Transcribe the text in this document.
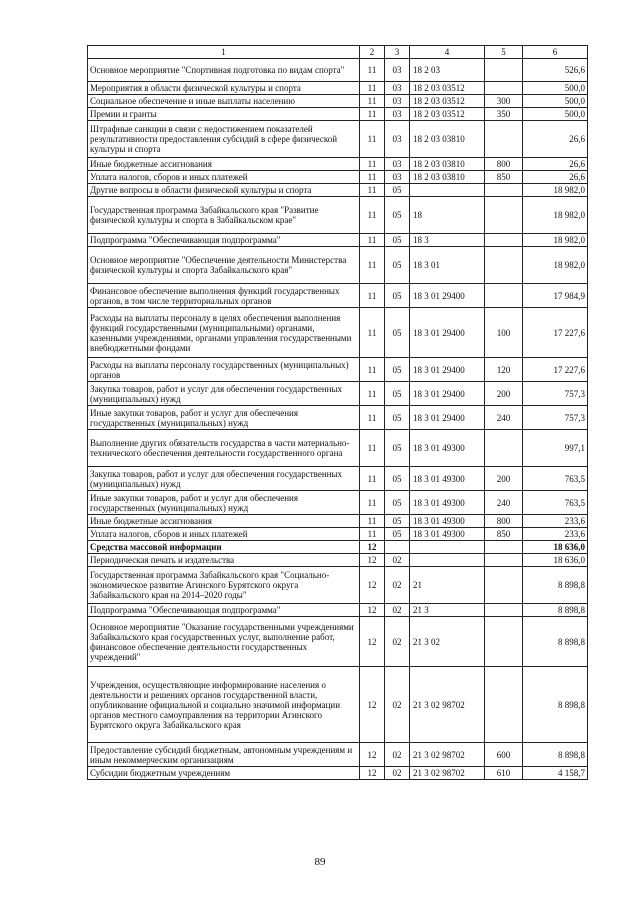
1	2	3	4	5	6
Основное мероприятие "Спортивная подготовка по видам спорта"	11	03	18 2 03		526,6
Мероприятия в области физической культуры и спорта	11	03	18 2 03 03512		500,0
Социальное обеспечение и иные выплаты населению	11	03	18 2 03 03512	300	500,0
Премии и гранты	11	03	18 2 03 03512	350	500,0
Штрафные санкции в связи с недостижением показателей результативности предоставления субсидий в сфере физической культуры и спорта	11	03	18 2 03 03810		26,6
Иные бюджетные ассигнования	11	03	18 2 03 03810	800	26,6
Уплата налогов, сборов и иных платежей	11	03	18 2 03 03810	850	26,6
Другие вопросы в области физической культуры и спорта	11	05			18 982,0
Государственная программа Забайкальского края "Развитие физической культуры и спорта в Забайкальском крае"	11	05	18		18 982,0
Подпрограмма "Обеспечивающая подпрограмма"	11	05	18 3		18 982,0
Основное мероприятие "Обеспечение деятельности Министерства физической культуры и спорта Забайкальского края"	11	05	18 3 01		18 982,0
Финансовое обеспечение выполнения функций государственных органов, в том числе территориальных органов	11	05	18 3 01 29400		17 984,9
Расходы на выплаты персоналу в целях обеспечения выполнения функций государственными (муниципальными) органами, казенными учреждениями, органами управления государственными внебюджетными фондами	11	05	18 3 01 29400	100	17 227,6
Расходы на выплаты персоналу государственных (муниципальных) органов	11	05	18 3 01 29400	120	17 227,6
Закупка товаров, работ и услуг для обеспечения государственных (муниципальных) нужд	11	05	18 3 01 29400	200	757,3
Иные закупки товаров, работ и услуг для обеспечения государственных (муниципальных) нужд	11	05	18 3 01 29400	240	757,3
Выполнение других обязательств государства в части материально-технического обеспечения деятельности государственного органа	11	05	18 3 01 49300		997,1
Закупка товаров, работ и услуг для обеспечения государственных (муниципальных) нужд	11	05	18 3 01 49300	200	763,5
Иные закупки товаров, работ и услуг для обеспечения государственных (муниципальных) нужд	11	05	18 3 01 49300	240	763,5
Иные бюджетные ассигнования	11	05	18 3 01 49300	800	233,6
Уплата налогов, сборов и иных платежей	11	05	18 3 01 49300	850	233,6
Средства массовой информации	12				18 636,0
Периодическая печать и издательства	12	02			18 636,0
Государственная программа Забайкальского края "Социально-экономическое развитие Агинского Бурятского округа Забайкальского края на 2014–2020 годы"	12	02	21		8 898,8
Подпрограмма "Обеспечивающая подпрограмма"	12	02	21 3		8 898,8
Основное мероприятие "Оказание государственными учреждениями Забайкальского края государственных услуг, выполнение работ, финансовое обеспечение деятельности государственных учреждений"	12	02	21 3 02		8 898,8
Учреждения, осуществляющие информирование населения о деятельности и решениях органов государственной власти, опубликование официальной и социально значимой информации органов местного самоуправления на территории Агинского Бурятского округа Забайкальского края	12	02	21 3 02 98702		8 898,8
Предоставление субсидий бюджетным, автономным учреждениям и иным некоммерческим организациям	12	02	21 3 02 98702	600	8 898,8
Субсидии бюджетным учреждениям	12	02	21 3 02 98702	610	4 158,7
89
